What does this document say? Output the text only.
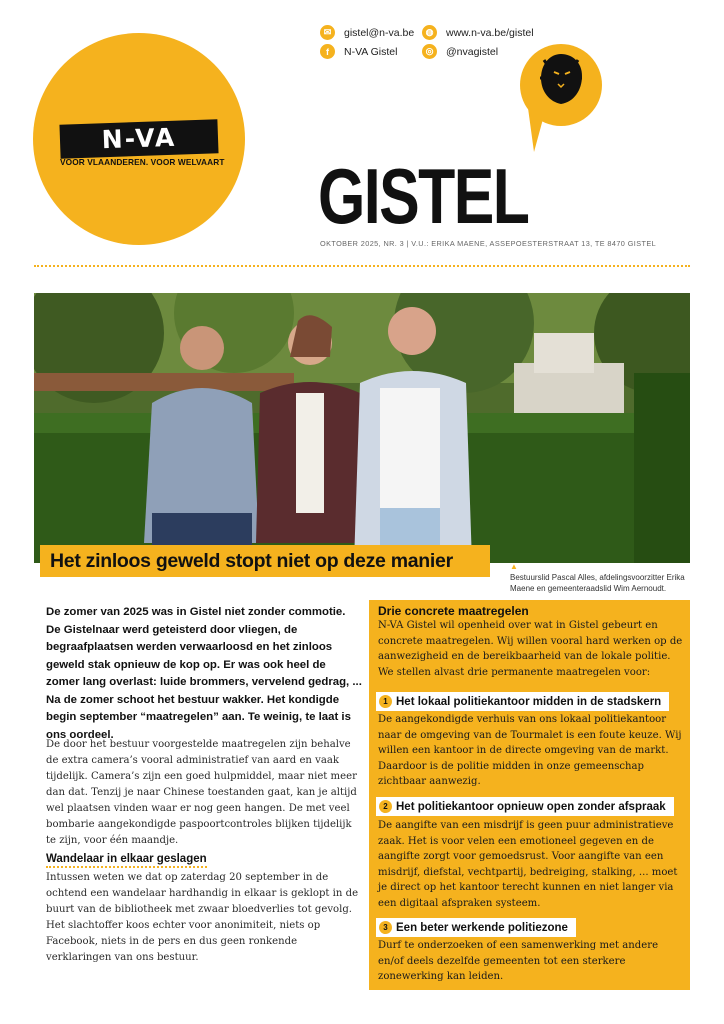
N-VA
VOOR VLAANDEREN. VOOR WELVAART
✉	gistel@n-va.be	◍	www.n-va.be/gistel
f	N-VA Gistel	◎	@nvagistel
GISTEL
OKTOBER 2025, NR. 3 | V.U.: ERIKA MAENE, ASSEPOESTERSTRAAT 13, TE 8470 GISTEL
Het zinloos geweld stopt niet op deze manier	▲
Bestuurslid Pascal Alles, afdelingsvoorzitter Erika Maene en gemeenteraadslid Wim Aernoudt.
De zomer van 2025 was in Gistel niet zonder commotie. De Gistelnaar werd geteisterd door vliegen, de begraafplaatsen werden verwaarloosd en het zinloos geweld stak opnieuw de kop op. Er was ook heel de zomer lang overlast: luide brommers, vervelend gedrag, ... Na de zomer schoot het bestuur wakker. Het kondigde begin september “maatregelen” aan. Te weinig, te laat is ons oordeel.
De door het bestuur voorgestelde maatregelen zijn behalve de extra camera’s vooral administratief van aard en vaak tijdelijk. Camera’s zijn een goed hulpmiddel, maar niet meer dan dat. Tenzij je naar Chinese toestanden gaat, kan je altijd wel plaatsen vinden waar er nog geen hangen. De met veel bombarie aangekondigde paspoortcontroles blijken tijdelijk te zijn, voor één maandje.
Wandelaar in elkaar geslagen
Intussen weten we dat op zaterdag 20 september in de ochtend een wandelaar hardhandig in elkaar is geklopt in de buurt van de bibliotheek met zwaar bloedverlies tot gevolg. Het slachtoffer koos echter voor anonimiteit, niets op Facebook, niets in de pers en dus geen ronkende verklaringen van ons bestuur.
Drie concrete maatregelen
N-VA Gistel wil openheid over wat in Gistel gebeurt en concrete maatregelen. Wij willen vooral hard werken op de aanwezigheid en de bereikbaarheid van de lokale politie. We stellen alvast drie permanente maatregelen voor:
1 Het lokaal politiekantoor midden in de stadskern
De aangekondigde verhuis van ons lokaal politiekantoor naar de omgeving van de Tourmalet is een foute keuze. Wij willen een kantoor in de directe omgeving van de markt. Daardoor is de politie midden in onze gemeenschap zichtbaar aanwezig.
2 Het politiekantoor opnieuw open zonder afspraak
De aangifte van een misdrijf is geen puur administratieve zaak. Het is voor velen een emotioneel gegeven en de aangifte zorgt voor gemoedsrust. Voor aangifte van een misdrijf, diefstal, vechtpartij, bedreiging, stalking, ... moet je direct op het kantoor terecht kunnen en niet langer via een digitaal afspraken systeem.
3 Een beter werkende politiezone
Durf te onderzoeken of een samenwerking met andere en/of deels dezelfde gemeenten tot een sterkere zonewerking kan leiden.
